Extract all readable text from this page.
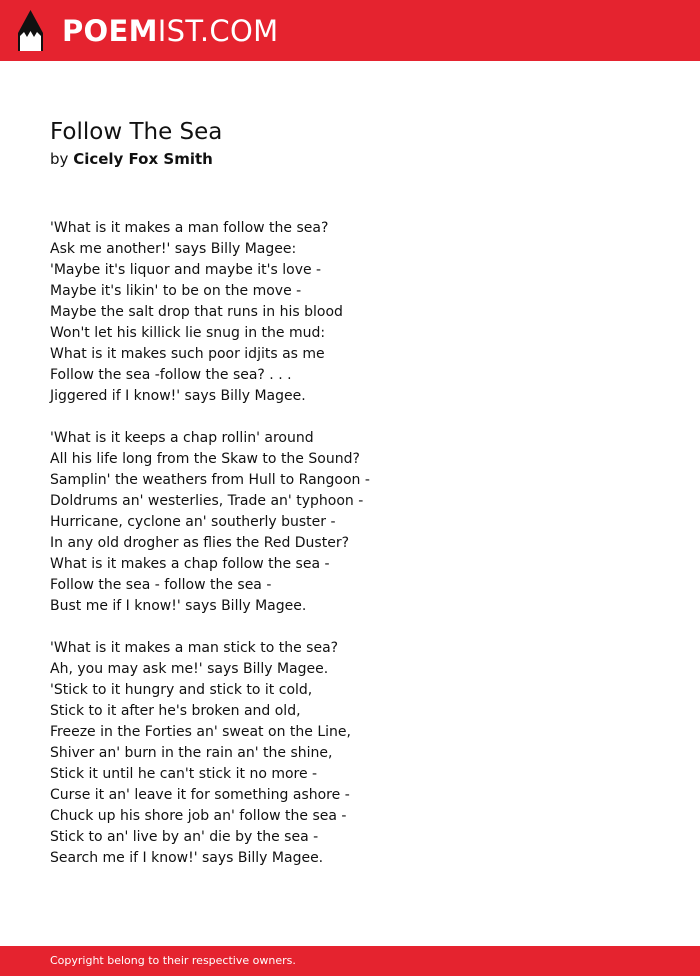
POEMIST.COM
Follow The Sea
by Cicely Fox Smith
'What is it makes a man follow the sea?
Ask me another!' says Billy Magee:
'Maybe it's liquor and maybe it's love -
Maybe it's likin' to be on the move -
Maybe the salt drop that runs in his blood
Won't let his killick lie snug in the mud:
What is it makes such poor idjits as me
Follow the sea -follow the sea? . . .
Jiggered if I know!' says Billy Magee.
'What is it keeps a chap rollin' around
All his life long from the Skaw to the Sound?
Samplin' the weathers from Hull to Rangoon -
Doldrums an' westerlies, Trade an' typhoon -
Hurricane, cyclone an' southerly buster -
In any old drogher as flies the Red Duster?
What is it makes a chap follow the sea -
Follow the sea - follow the sea -
Bust me if I know!' says Billy Magee.
'What is it makes a man stick to the sea?
Ah, you may ask me!' says Billy Magee.
'Stick to it hungry and stick to it cold,
Stick to it after he's broken and old,
Freeze in the Forties an' sweat on the Line,
Shiver an' burn in the rain an' the shine,
Stick it until he can't stick it no more -
Curse it an' leave it for something ashore -
Chuck up his shore job an' follow the sea -
Stick to an' live by an' die by the sea -
Search me if I know!' says Billy Magee.
Copyright belong to their respective owners.
